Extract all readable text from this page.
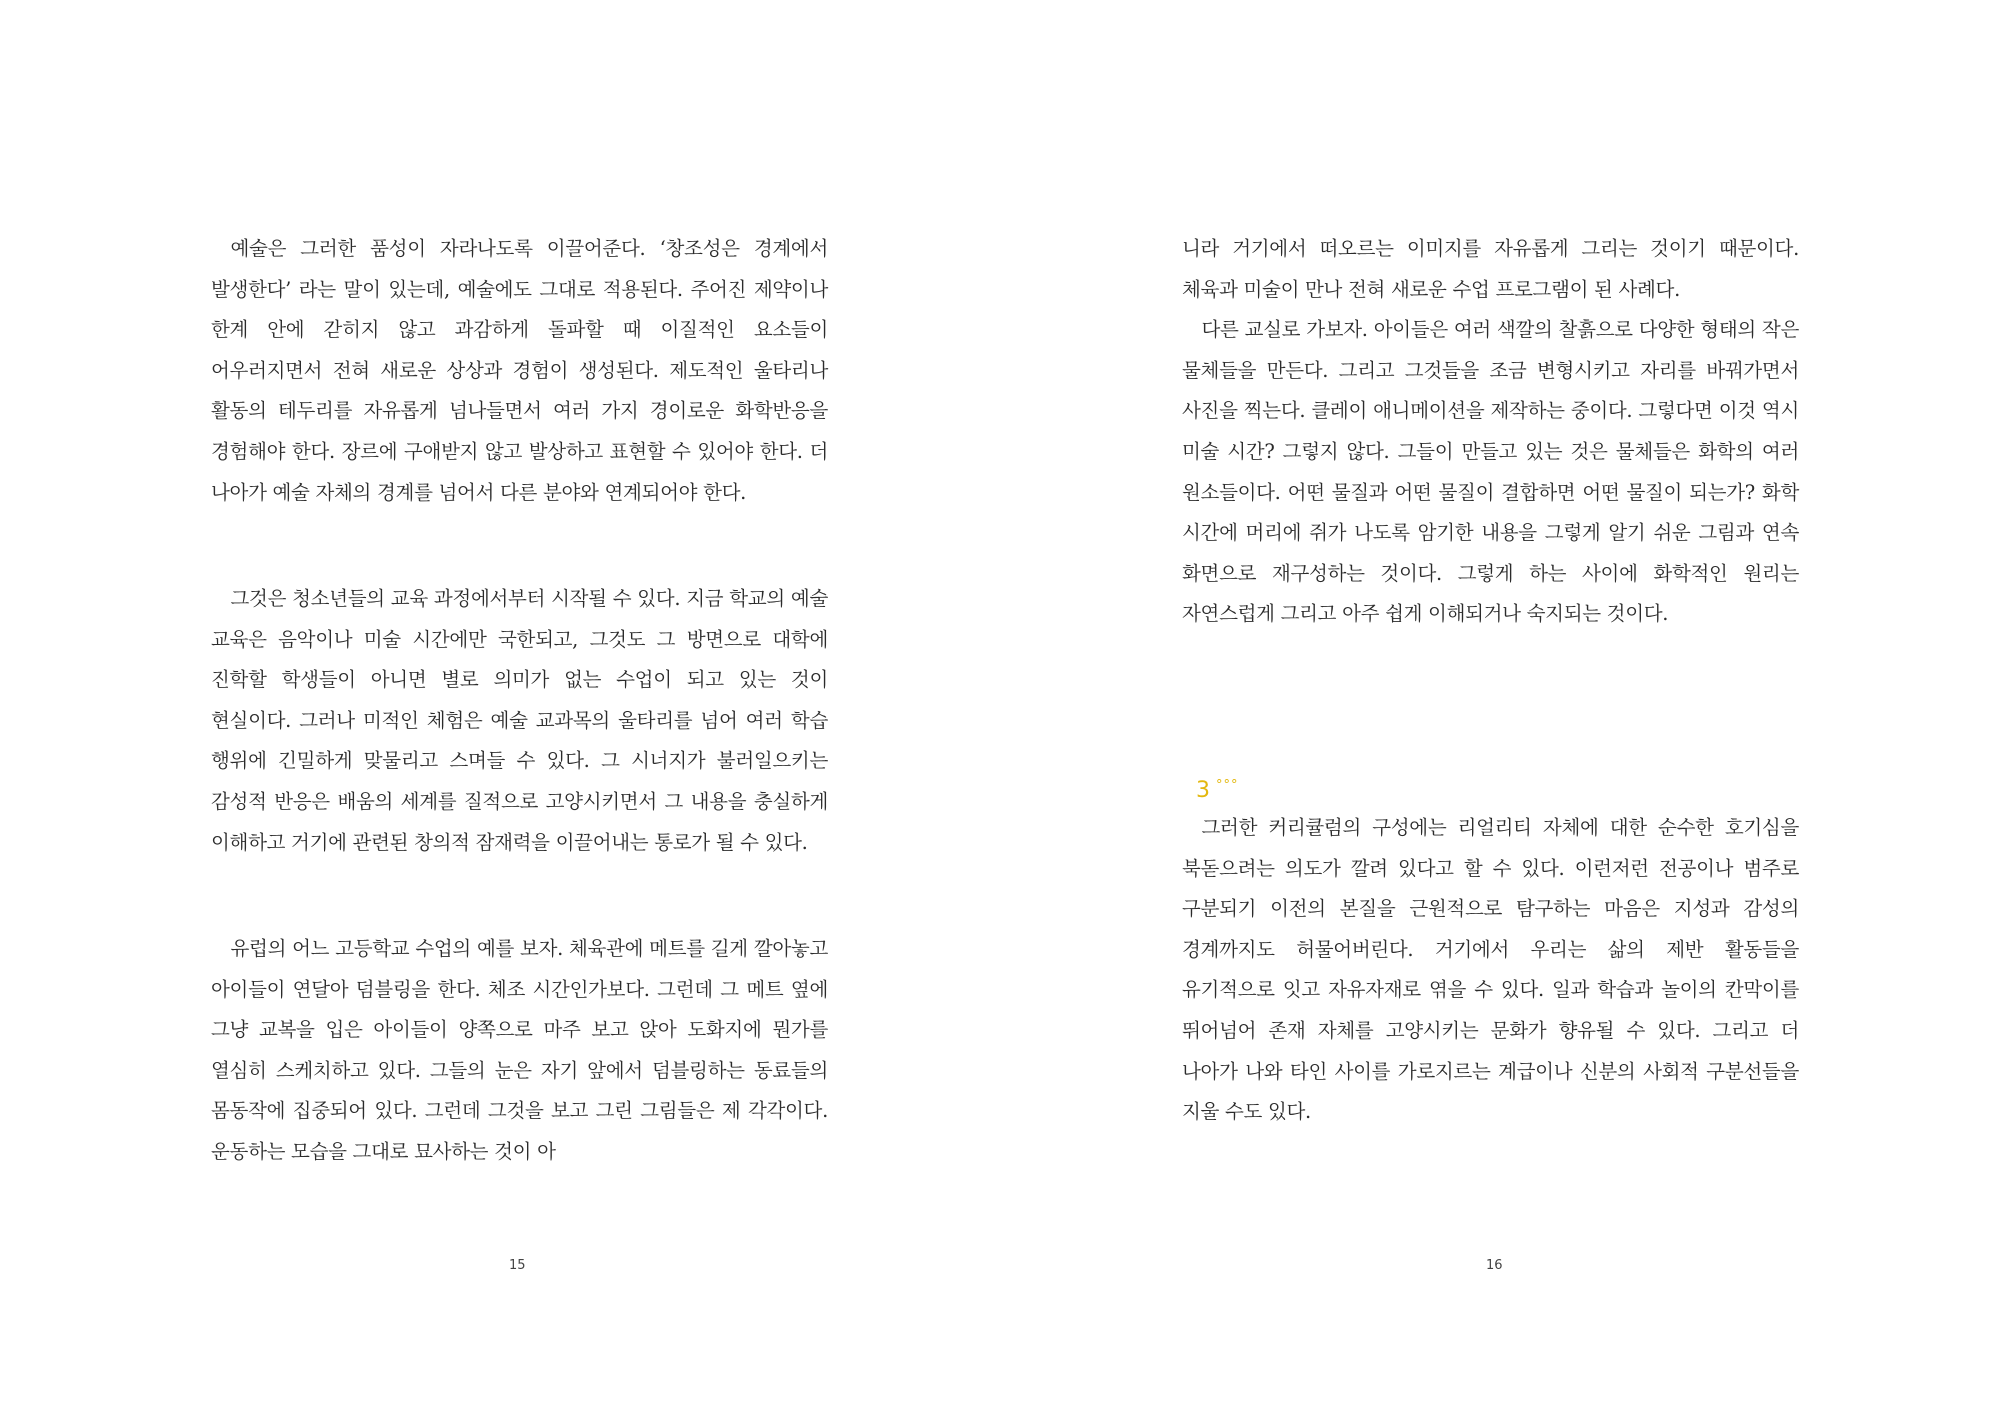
예술은 그러한 품성이 자라나도록 이끌어준다. ‘창조성은 경계에서 발생한다’ 라는 말이 있는데, 예술에도 그대로 적용된다. 주어진 제약이나 한계 안에 갇히지 않고 과감하게 돌파할 때 이질적인 요소들이 어우러지면서 전혀 새로운 상상과 경험이 생성된다. 제도적인 울타리나 활동의 테두리를 자유롭게 넘나들면서 여러 가지 경이로운 화학반응을 경험해야 한다. 장르에 구애받지 않고 발상하고 표현할 수 있어야 한다. 더 나아가 예술 자체의 경계를 넘어서 다른 분야와 연계되어야 한다.

그것은 청소년들의 교육 과정에서부터 시작될 수 있다. 지금 학교의 예술 교육은 음악이나 미술 시간에만 국한되고, 그것도 그 방면으로 대학에 진학할 학생들이 아니면 별로 의미가 없는 수업이 되고 있는 것이 현실이다. 그러나 미적인 체험은 예술 교과목의 울타리를 넘어 여러 학습 행위에 긴밀하게 맞물리고 스며들 수 있다. 그 시너지가 불러일으키는 감성적 반응은 배움의 세계를 질적으로 고양시키면서 그 내용을 충실하게 이해하고 거기에 관련된 창의적 잠재력을 이끌어내는 통로가 될 수 있다.

유럽의 어느 고등학교 수업의 예를 보자. 체육관에 메트를 길게 깔아놓고 아이들이 연달아 덤블링을 한다. 체조 시간인가보다. 그런데 그 메트 옆에 그냥 교복을 입은 아이들이 양쪽으로 마주 보고 앉아 도화지에 뭔가를 열심히 스케치하고 있다. 그들의 눈은 자기 앞에서 덤블링하는 동료들의 몸동작에 집중되어 있다. 그런데 그것을 보고 그린 그림들은 제 각각이다. 운동하는 모습을 그대로 묘사하는 것이 아

15

니라 거기에서 떠오르는 이미지를 자유롭게 그리는 것이기 때문이다. 체육과 미술이 만나 전혀 새로운 수업 프로그램이 된 사례다.

다른 교실로 가보자. 아이들은 여러 색깔의 찰흙으로 다양한 형태의 작은 물체들을 만든다. 그리고 그것들을 조금 변형시키고 자리를 바꿔가면서 사진을 찍는다. 클레이 애니메이션을 제작하는 중이다. 그렇다면 이것 역시 미술 시간? 그렇지 않다. 그들이 만들고 있는 것은 물체들은 화학의 여러 원소들이다. 어떤 물질과 어떤 물질이 결합하면 어떤 물질이 되는가? 화학 시간에 머리에 쥐가 나도록 암기한 내용을 그렇게 알기 쉬운 그림과 연속 화면으로 재구성하는 것이다. 그렇게 하는 사이에 화학적인 원리는 자연스럽게 그리고 아주 쉽게 이해되거나 숙지되는 것이다.

3 °°°

그러한 커리큘럼의 구성에는 리얼리티 자체에 대한 순수한 호기심을 북돋으려는 의도가 깔려 있다고 할 수 있다. 이런저런 전공이나 범주로 구분되기 이전의 본질을 근원적으로 탐구하는 마음은 지성과 감성의 경계까지도 허물어버린다. 거기에서 우리는 삶의 제반 활동들을 유기적으로 잇고 자유자재로 엮을 수 있다. 일과 학습과 놀이의 칸막이를 뛰어넘어 존재 자체를 고양시키는 문화가 향유될 수 있다. 그리고 더 나아가 나와 타인 사이를 가로지르는 계급이나 신분의 사회적 구분선들을 지울 수도 있다.

16
